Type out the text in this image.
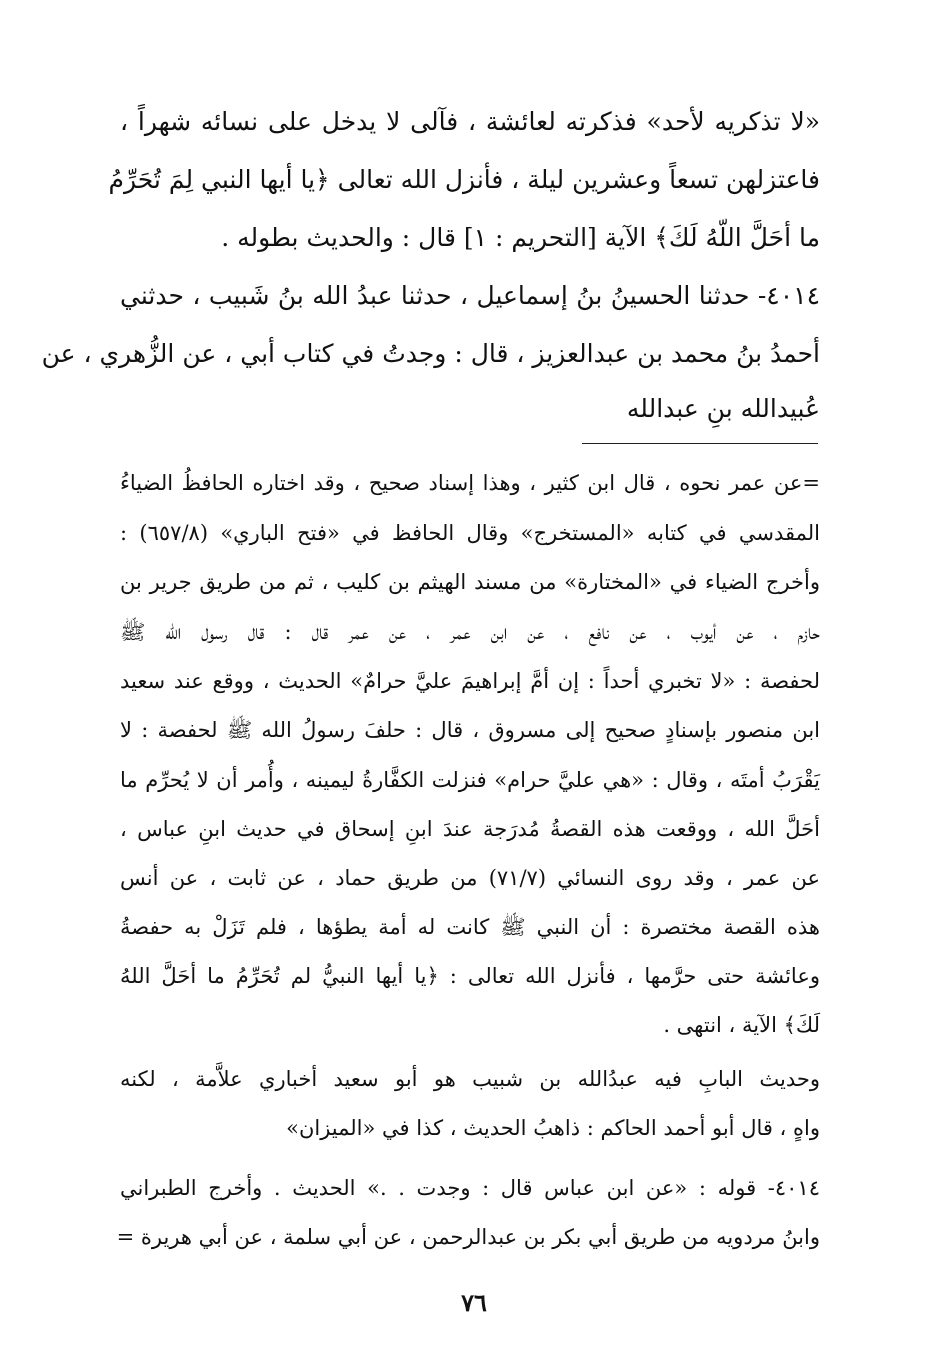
«لا تذكريه لأحد» فذكرته لعائشة ، فآلى لا يدخل على نسائه شهراً ،
فاعتزلهن تسعاً وعشرين ليلة ، فأنزل الله تعالى ﴿يا أيها النبي لِمَ تُحَرِّمُ
ما أحَلَّ اللّهُ لَكَ﴾ الآية [التحريم : ١] قال : والحديث بطوله .
٤٠١٤- حدثنا الحسينُ بنُ إسماعيل ، حدثنا عبدُ الله بنُ شَبيب ، حدثني
أحمدُ بنُ محمد بن عبدالعزيز ، قال : وجدتُ في كتاب أبي ، عن الزُّهري ، عن
عُبيدالله بنِ عبدالله
=عن عمر نحوه ، قال ابن كثير ، وهذا إسناد صحيح ، وقد اختاره الحافظُ الضياءُ
المقدسي في كتابه «المستخرج» وقال الحافظ في «فتح الباري» (٦٥٧/٨) :
وأخرج الضياء في «المختارة» من مسند الهيثم بن كليب ، ثم من طريق جرير بن
حازم ، عن أيوب ، عن نافع ، عن ابن عمر ، عن عمر قال : قال رسول الله ﷺ
لحفصة : «لا تخبري أحداً : إن أمَّ إبراهيمَ عليَّ حرامٌ» الحديث ، ووقع عند سعيد
ابن منصور بإسنادٍ صحيح إلى مسروق ، قال : حلفَ رسولُ الله ﷺ لحفصة : لا
يَقْرَبُ أمتَه ، وقال : «هي عليَّ حرام» فنزلت الكفَّارةُ ليمينه ، وأُمر أن لا يُحرِّم ما
أحَلَّ الله ، ووقعت هذه القصةُ مُدرَجة عندَ ابنِ إسحاق في حديث ابنِ عباس ،
عن عمر ، وقد روى النسائي (٧١/٧) من طريق حماد ، عن ثابت ، عن أنس
هذه القصة مختصرة : أن النبي ﷺ كانت له أمة يطؤها ، فلم تَزَلْ به حفصةُ
وعائشة حتى حرَّمها ، فأنزل الله تعالى : ﴿يا أيها النبيُّ لم تُحَرِّمُ ما أحَلَّ اللهُ
لَكَ﴾ الآية ، انتهى .
وحديث البابِ فيه عبدُالله بن شبيب هو أبو سعيد أخباري علاَّمة ، لكنه
واهٍ ، قال أبو أحمد الحاكم : ذاهبُ الحديث ، كذا في «الميزان»
٤٠١٤- قوله : «عن ابن عباس قال : وجدت . .» الحديث . وأخرج الطبراني
وابنُ مردويه من طريق أبي بكر بن عبدالرحمن ، عن أبي سلمة ، عن أبي هريرة =
٧٦
